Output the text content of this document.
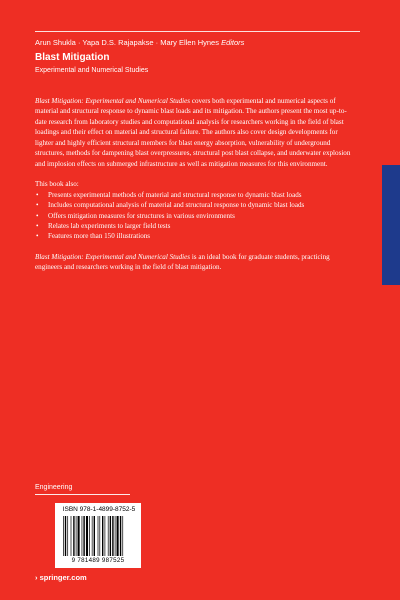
Arun Shukla · Yapa D.S. Rajapakse · Mary Ellen Hynes Editors
Blast Mitigation
Experimental and Numerical Studies

Blast Mitigation: Experimental and Numerical Studies covers both experimental and numerical aspects of material and structural response to dynamic blast loads and its mitigation. The authors present the most up-to-date research from laboratory studies and computational analysis for researchers working in the field of blast loadings and their effect on material and structural failure. The authors also cover design developments for lighter and highly efficient structural members for blast energy absorption, vulnerability of underground structures, methods for dampening blast overpressures, structural post blast collapse, and underwater explosion and implosion effects on submerged infrastructure as well as mitigation measures for this environment.

This book also:

• Presents experimental methods of material and structural response to dynamic blast loads
• Includes computational analysis of material and structural response to dynamic blast loads
• Offers mitigation measures for structures in various environments
• Relates lab experiments to larger field tests
• Features more than 150 illustrations

Blast Mitigation: Experimental and Numerical Studies is an ideal book for graduate students, practicing engineers and researchers working in the field of blast mitigation.

Engineering
ISBN 978-1-4899-8752-5
9 781489 987525
› springer.com
